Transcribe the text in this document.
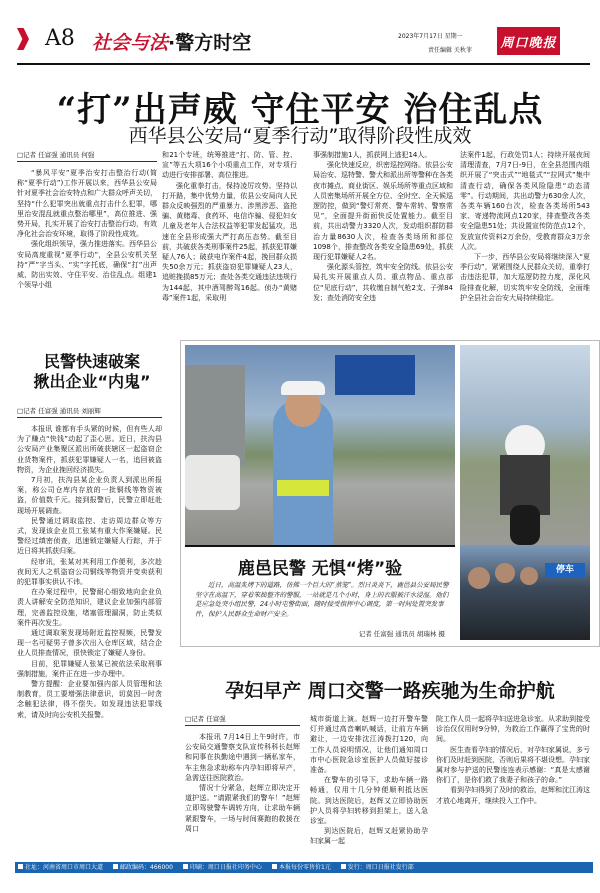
A8 社会与法·警方时空	2023年7月17日 星期一
责任编辑 关秋菲 周口晚报
“打”出声威 守住平安 治住乱点
西华县公安局“夏季行动”取得阶段性成效
□记者 任富强 通讯员 何强

“暴风平安”夏季治安打击整治行动(简称“夏季行动”)工作开展以来，西华县公安局针对夏季社会治安特点和广大群众呼声关切，坚持“什么犯罪突出就重点打击什么犯罪，哪里治安混乱就重点整治哪里”，高位推进、强势开局，扎实开展了治安打击整治行动，有效净化社会治安环境，取得了阶段性成效。

强化组织领导，强力推进落实。西华县公安局高度重视“夏季行动”，全县公安机关坚持“严”字当头、“实”字托底，确保“打”出声威、防出实效、守住平安、治住乱点。组建1个领导小组

和21个专班，统筹推进“打、防、管、控、宣”等五大项16个小项重点工作，对专项行动进行安排部署、高位推进。

强化重拳打击，保持凌厉攻势。坚持以打开路，集中优势力量，依县公安局向人民群众反映强烈的严重暴力、涉黑涉恶、盗抢骗、黄赌毒、食药环、电信诈骗、侵犯妇女儿童及老年人合法权益等犯罪发起猛攻，迅速在全县形成强大严打高压态势。截至目前，共破获各类刑事案件25起，抓获犯罪嫌疑人76人；破获电诈案件4起，挽回群众损失50余万元；抓获盗窃犯罪嫌疑人23人，追赃挽损85万元；查处各类交通违法违规行为144起，其中酒驾醉驾16起。侦办“黄赌毒”案件1起，采取刑

事强制措施1人，抓获网上逃犯14人。

强化快速反应，织密巡控网络。依县公安局治安、巡特警、警犬和派出所等警种在各类夜市摊点、商业街区、娱乐场所等重点区域和人员密集场所开展全方位、全时空、全天候巡逻防控，做到“警灯常亮、警车常转、警察常见”，全面提升街面快反处置能力。截至目前，共出动警力3320人次，发动组织群防群治力量8630人次，检查各类场所和部位1098个，排查整改各类安全隐患69处，抓获现行犯罪嫌疑人2名。

强化源头管控，筑牢安全防线。依县公安局扎实开展重点人员、重点物品、重点部位“见底行动”，共收缴自制气枪2支、子弹84发；查处消防安全违

法案件1起，行政处罚1人；持续开展夜间清理清查，7月7日-9日，在全县范围内组织开展了“突击式”“地毯式”“拉网式”集中清查行动，确保各类风险隐患“动态清零”。行动期间，共出动警力630余人次，各类车辆160台次，检查各类场所543家、寄递物流网点120家，排查整改各类安全隐患51处；共设置宣传防范点12个，发放宣传资料2万余份，受教育群众3万余人次。

下一步，西华县公安局将继续深入“夏季行动”，紧紧围绕人民群众关切，重拳打击违法犯罪，加大巡逻防控力度，深化风险排查化解，切实筑牢安全防线，全面维护全县社会治安大局持续稳定。

民警快速破案
揪出企业“内鬼”
□记者 任富强 通讯员 刘丽辉

本报讯 谁都有手头紧的时候，但有些人却为了赚点“快钱”动起了歪心思。近日，扶沟县公安局产业集聚区派出所破获辖区一起盗窃企业货物案件，抓获犯罪嫌疑人一名，追回被盗物资，为企业挽回经济损失。

7月初，扶沟县某企业负责人到派出所报案，称公司仓库内存放的一批铜线等物资被盗，价值数千元。接到报警后，民警立即赶赴现场开展调查。

民警通过调取监控、走访周边群众等方式，发现该企业员工张某有重大作案嫌疑。民警经过缜密侦查，迅速锁定嫌疑人行踪，并于近日将其抓获归案。

经审讯，张某对其利用工作便利，多次趁夜间无人之机盗窃公司铜线等物资并变卖获利的犯罪事实供认不讳。

在办案过程中，民警耐心细致地向企业负责人讲解安全防范知识，建议企业加强内部管理，完善监控设施，堵塞管理漏洞，防止类似案件再次发生。

通过调取案发现场附近监控视频，民警发现一名可疑男子曾多次出入仓库区域，结合企业人员排查情况，很快锁定了嫌疑人身份。

目前，犯罪嫌疑人张某已被依法采取刑事强制措施，案件正在进一步办理中。

警方提醒：企业要加强内部人员管理和法制教育，员工要增强法律意识，切莫因一时贪念触犯法律，得不偿失。如发现违法犯罪线索，请及时向公安机关报警。

停车
鹿邑民警 无惧“烤”验
近日，高温炙烤下的道路，仿佛一个巨大的“蒸笼”。烈日炎炎下，鹿邑县公安局民警坚守在高温下，穿着笨拙整齐的警服，一站就是几个小时，身上的衣服被汗水浸湿。他们是应急处突小组民警，24小时屯警街面，随时接受指挥中心调度，第一时间处置突发事件，保护人民群众生命财产安全。
记者 任富强 通讯员 胡瑞林 摄
孕妇早产 周口交警一路疾驰为生命护航
□记者 任富强

本报讯 7月14日上午9时许，市公安局交通警察支队宣传科科长赵辉和同事在执勤途中遇到一辆私家车，车主焦急求助称车内孕妇即将早产，急需送往医院救治。

情况十分紧急，赵辉立即决定开道护送。“请跟紧我们的警车！”赵辉立即驾驶警车调转方向，让求助车辆紧跟警车，一场与时间赛跑的救援在周口

城市街道上演。赵辉一边打开警车警灯并通过高音喇叭喊话，让前方车辆避让，一边安排沈江涛拨打120，向工作人员说明情况，让他们通知周口市中心医院急诊室医护人员做好接诊准备。

在警车的引导下，求助车辆一路畅通，仅用十几分钟便顺利抵达医院。到达医院后，赵辉又立即协助医护人员将孕妇转移到担架上，送入急诊室。

到达医院后，赵辉又赶紧协助孕妇家属一起

院工作人员一起将孕妇送进急诊室。从求助到接受诊治仅仅用时9分钟，为救治工作赢得了宝贵的时间。

医生查看孕妇的情况后，对孕妇家属说，多亏你们及时赶到医院，否则后果将不堪设想。孕妇家属对参与护送的民警连连表示感谢：“真是太感谢你们了，是你们救了我妻子和孩子的命。”

看到孕妇得到了及时的救治，赵辉和沈江涛这才放心地离开，继续投入工作中。

社址：河南省周口市周口大道	邮政编码：466000	印刷：周口日报社印务中心	本报每份零售价1元	发行：周口日报社发行部
